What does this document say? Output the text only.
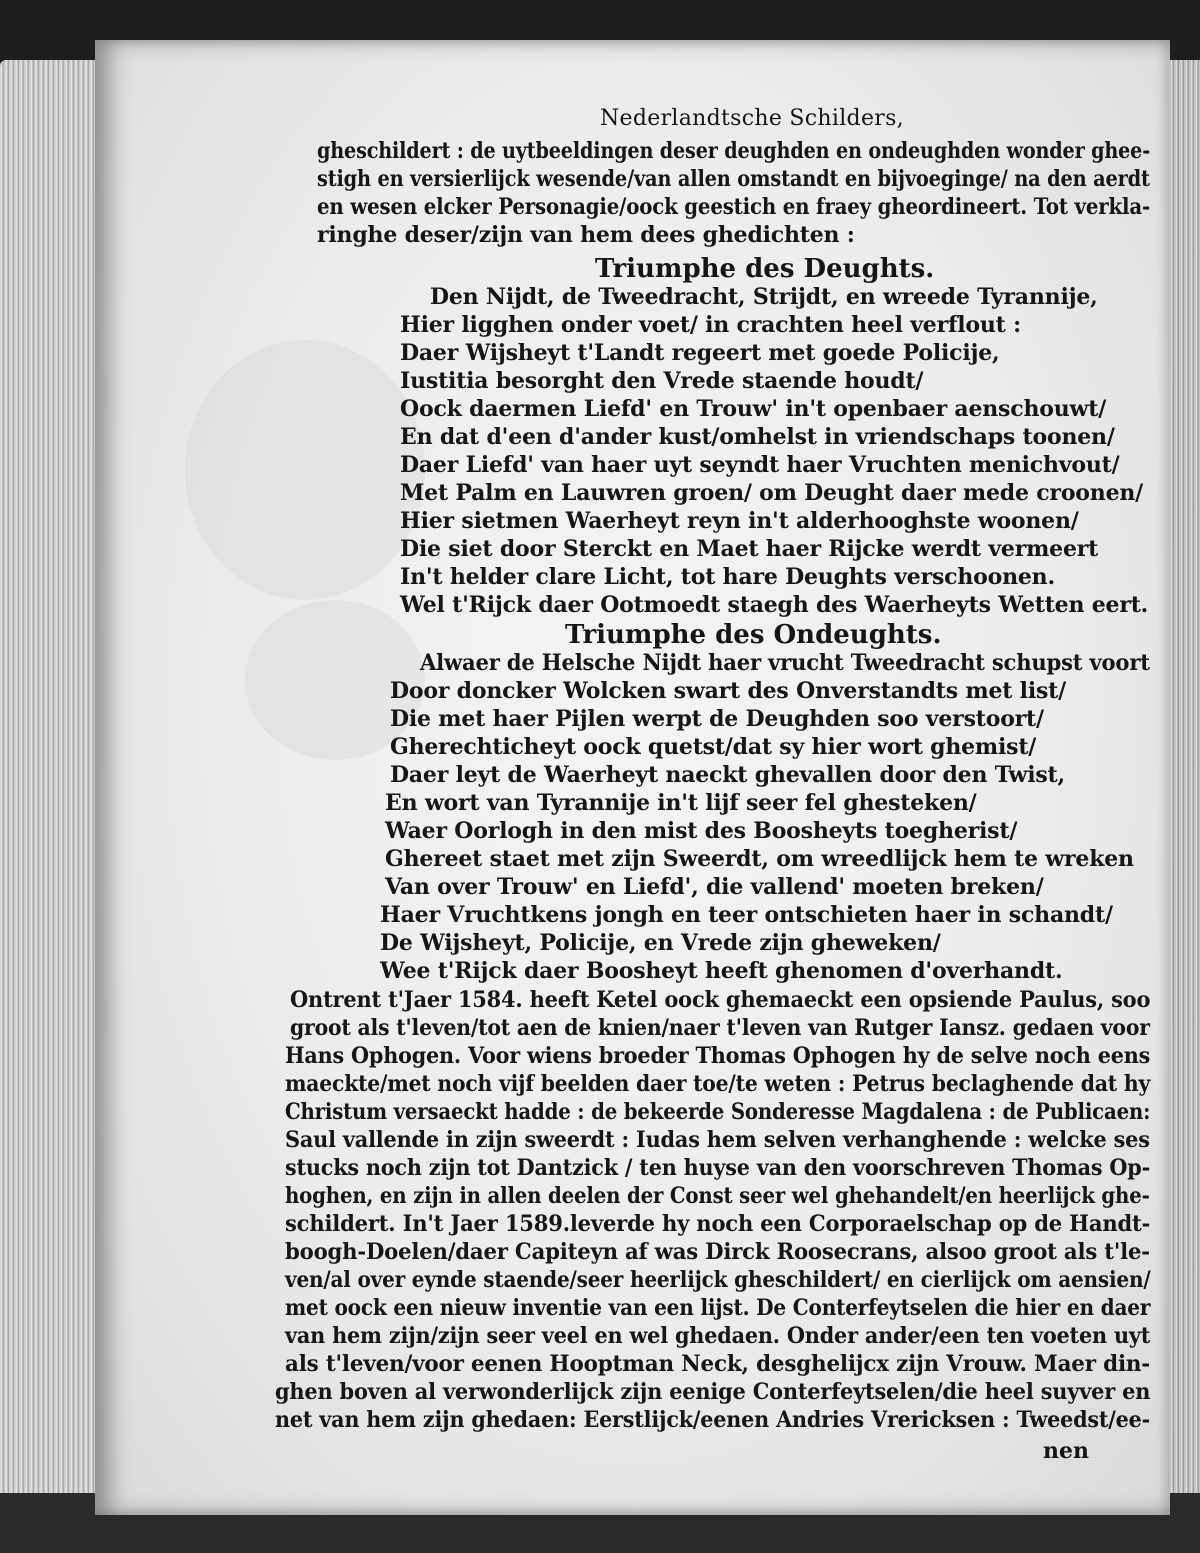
Nederlandtsche Schilders,
gheschildert : de uytbeeldingen deser deughden en ondeughden wonder ghee-
stigh en versierlijck wesende/van allen omstandt en bijvoeginge/ na den aerdt
en wesen elcker Personagie/oock geestich en fraey gheordineert. Tot verkla-
ringhe deser/zijn van hem dees ghedichten :
Triumphe des Deughts.
Den Nijdt, de Tweedracht, Strijdt, en wreede Tyrannije,
Hier ligghen onder voet/ in crachten heel verflout :
Daer Wijsheyt t'Landt regeert met goede Policije,
Iustitia besorght den Vrede staende houdt/
Oock daermen Liefd' en Trouw' in't openbaer aenschouwt/
En dat d'een d'ander kust/omhelst in vriendschaps toonen/
Daer Liefd' van haer uyt seyndt haer Vruchten menichvout/
Met Palm en Lauwren groen/ om Deught daer mede croonen/
Hier sietmen Waerheyt reyn in't alderhooghste woonen/
Die siet door Sterckt en Maet haer Rijcke werdt vermeert
In't helder clare Licht, tot hare Deughts verschoonen.
Wel t'Rijck daer Ootmoedt staegh des Waerheyts Wetten eert.
Triumphe des Ondeughts.
Alwaer de Helsche Nijdt haer vrucht Tweedracht schupst voort
Door doncker Wolcken swart des Onverstandts met list/
Die met haer Pijlen werpt de Deughden soo verstoort/
Gherechticheyt oock quetst/dat sy hier wort ghemist/
Daer leyt de Waerheyt naeckt ghevallen door den Twist,
En wort van Tyrannije in't lijf seer fel ghesteken/
Waer Oorlogh in den mist des Boosheyts toegherist/
Ghereet staet met zijn Sweerdt, om wreedlijck hem te wreken
Van over Trouw' en Liefd', die vallend' moeten breken/
Haer Vruchtkens jongh en teer ontschieten haer in schandt/
De Wijsheyt, Policije, en Vrede zijn gheweken/
Wee t'Rijck daer Boosheyt heeft ghenomen d'overhandt.
Ontrent t'Jaer 1584. heeft Ketel oock ghemaeckt een opsiende Paulus, soo
groot als t'leven/tot aen de knien/naer t'leven van Rutger Iansz. gedaen voor
Hans Ophogen. Voor wiens broeder Thomas Ophogen hy de selve noch eens
maeckte/met noch vijf beelden daer toe/te weten : Petrus beclaghende dat hy
Christum versaeckt hadde : de bekeerde Sonderesse Magdalena : de Publicaen:
Saul vallende in zijn sweerdt : Iudas hem selven verhanghende : welcke ses
stucks noch zijn tot Dantzick / ten huyse van den voorschreven Thomas Op-
hoghen, en zijn in allen deelen der Const seer wel ghehandelt/en heerlijck ghe-
schildert. In't Jaer 1589.leverde hy noch een Corporaelschap op de Handt-
boogh-Doelen/daer Capiteyn af was Dirck Roosecrans, alsoo groot als t'le-
ven/al over eynde staende/seer heerlijck gheschildert/ en cierlijck om aensien/
met oock een nieuw inventie van een lijst. De Conterfeytselen die hier en daer
van hem zijn/zijn seer veel en wel ghedaen. Onder ander/een ten voeten uyt
als t'leven/voor eenen Hooptman Neck, desghelijcx zijn Vrouw. Maer din-
ghen boven al verwonderlijck zijn eenige Conterfeytselen/die heel suyver en
net van hem zijn ghedaen: Eerstlijck/eenen Andries Vrericksen : Tweedst/ee-
nen
